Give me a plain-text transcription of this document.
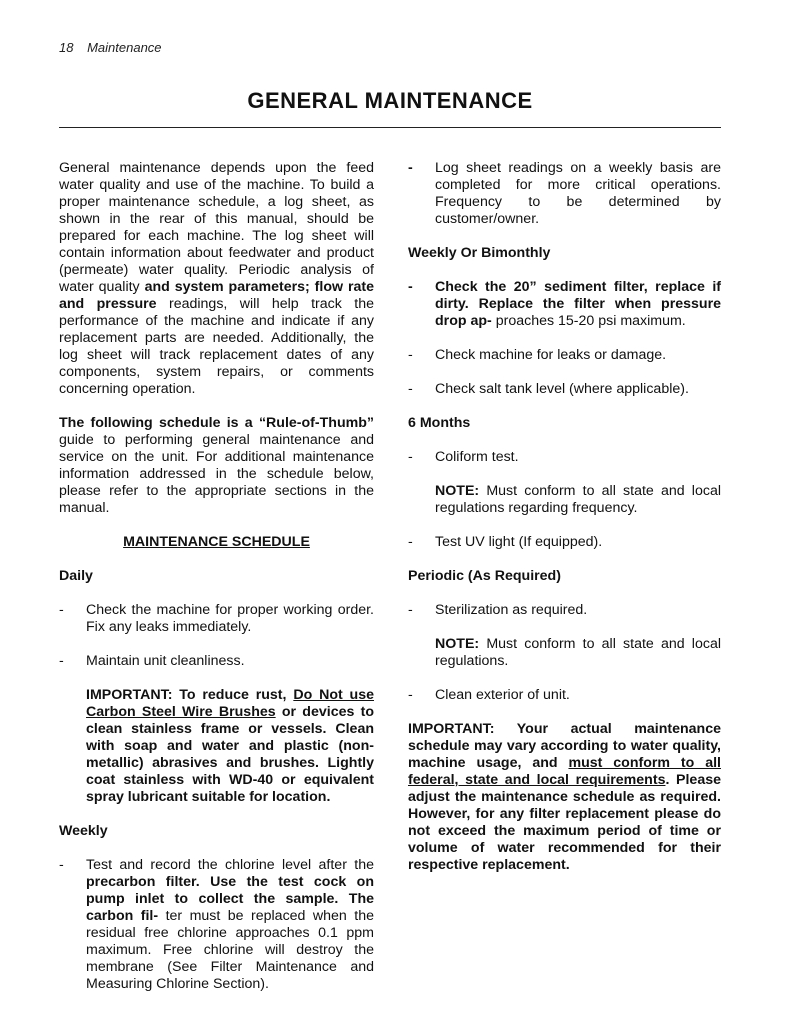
18 Maintenance
GENERAL MAINTENANCE

General maintenance depends upon the feed water quality and use of the machine. To build a proper maintenance schedule, a log sheet, as shown in the rear of this manual, should be prepared for each machine. The log sheet will contain information about feedwater and product (permeate) water quality. Periodic analysis of water quality and system parameters; flow rate and pressure readings, will help track the performance of the machine and indicate if any replacement parts are needed. Additionally, the log sheet will track replacement dates of any components, system repairs, or comments concerning operation.

The following schedule is a “Rule-of-Thumb” guide to performing general maintenance and service on the unit. For additional maintenance information addressed in the schedule below, please refer to the appropriate sections in the manual.

MAINTENANCE SCHEDULE

Daily

-	Check the machine for proper working order. Fix any leaks immediately.
-	Maintain unit cleanliness.

IMPORTANT: To reduce rust, Do Not use Carbon Steel Wire Brushes or devices to clean stainless frame or vessels. Clean with soap and water and plastic (non-metallic) abrasives and brushes. Lightly coat stainless with WD-40 or equivalent spray lubricant suitable for location.

Weekly

-	Test and record the chlorine level after the precarbon filter. Use the test cock on pump inlet to collect the sample. The carbon fil- ter must be replaced when the residual free chlorine approaches 0.1 ppm maximum. Free chlorine will destroy the membrane (See Filter Maintenance and Measuring Chlorine Section).
-	Log sheet readings on a weekly basis are completed for more critical operations. Frequency to be determined by customer/owner.

Weekly Or Bimonthly

-	Check the 20” sediment filter, replace if dirty. Replace the filter when pressure drop ap- proaches 15-20 psi maximum.
-	Check machine for leaks or damage.
-	Check salt tank level (where applicable).

6 Months

-	Coliform test.

NOTE: Must conform to all state and local regulations regarding frequency.

-	Test UV light (If equipped).

Periodic (As Required)

-	Sterilization as required.

NOTE: Must conform to all state and local regulations.

-	Clean exterior of unit.

IMPORTANT: Your actual maintenance schedule may vary according to water quality, machine usage, and must conform to all federal, state and local requirements. Please adjust the maintenance schedule as required. However, for any filter replacement please do not exceed the maximum period of time or volume of water recommended for their respective replacement.
